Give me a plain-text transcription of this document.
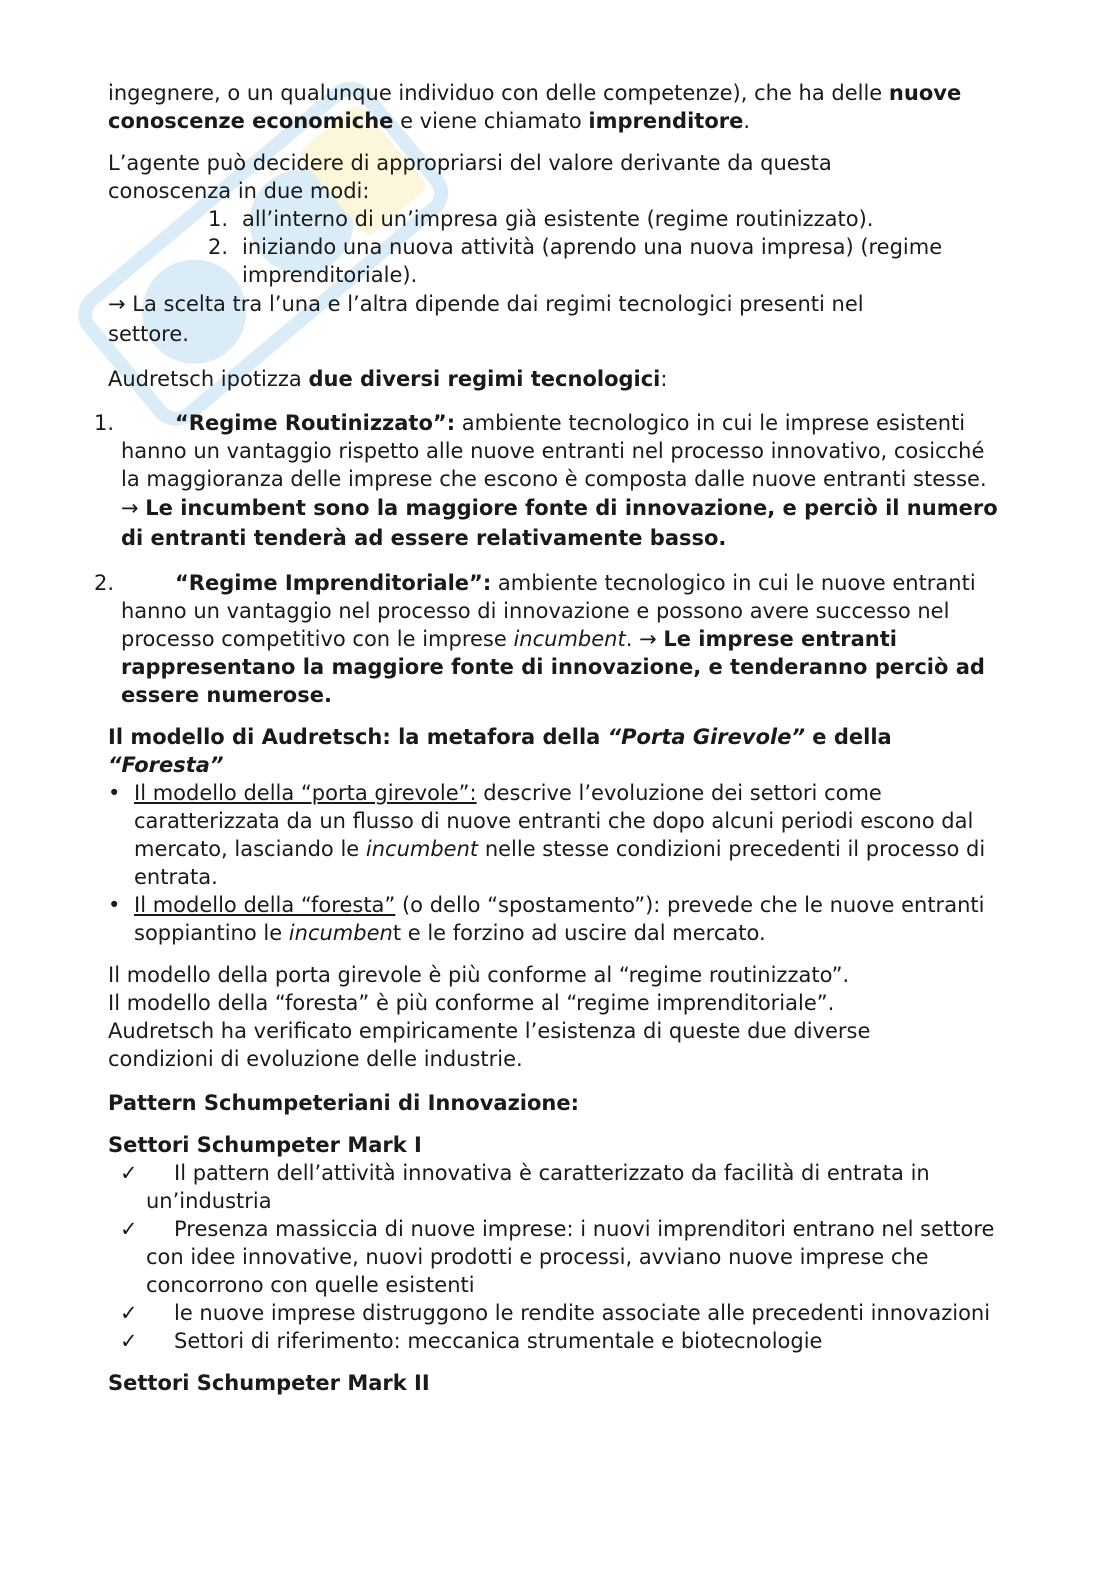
ingegnere, o un qualunque individuo con delle competenze), che ha delle nuove conoscenze economiche e viene chiamato imprenditore.

L’agente può decidere di appropriarsi del valore derivante da questa conoscenza in due modi:

1. all’interno di un’impresa già esistente (regime routinizzato).
2. iniziando una nuova attività (aprendo una nuova impresa) (regime imprenditoriale).

→ La scelta tra l’una e l’altra dipende dai regimi tecnologici presenti nel settore.

Audretsch ipotizza due diversi regimi tecnologici:

1.	“Regime Routinizzato”: ambiente tecnologico in cui le imprese esistenti hanno un vantaggio rispetto alle nuove entranti nel processo innovativo, cosicché la maggioranza delle imprese che escono è composta dalle nuove entranti stesse. → Le incumbent sono la maggiore fonte di innovazione, e perciò il numero di entranti tenderà ad essere relativamente basso.
2.	“Regime Imprenditoriale”: ambiente tecnologico in cui le nuove entranti hanno un vantaggio nel processo di innovazione e possono avere successo nel processo competitivo con le imprese incumbent. → Le imprese entranti rappresentano la maggiore fonte di innovazione, e tenderanno perciò ad essere numerose.

Il modello di Audretsch: la metafora della “Porta Girevole” e della “Foresta”

• Il modello della “porta girevole”: descrive l’evoluzione dei settori come caratterizzata da un flusso di nuove entranti che dopo alcuni periodi escono dal mercato, lasciando le incumbent nelle stesse condizioni precedenti il processo di entrata.
• Il modello della “foresta” (o dello “spostamento”): prevede che le nuove entranti soppiantino le incumbent e le forzino ad uscire dal mercato.

Il modello della porta girevole è più conforme al “regime routinizzato”.

Il modello della “foresta” è più conforme al “regime imprenditoriale”.

Audretsch ha verificato empiricamente l’esistenza di queste due diverse condizioni di evoluzione delle industrie.

Pattern Schumpeteriani di Innovazione:

Settori Schumpeter Mark I

✓ Il pattern dell’attività innovativa è caratterizzato da facilità di entrata in un’industria
✓ Presenza massiccia di nuove imprese: i nuovi imprenditori entrano nel settore con idee innovative, nuovi prodotti e processi, avviano nuove imprese che concorrono con quelle esistenti
✓ le nuove imprese distruggono le rendite associate alle precedenti innovazioni
✓ Settori di riferimento: meccanica strumentale e biotecnologie

Settori Schumpeter Mark II
